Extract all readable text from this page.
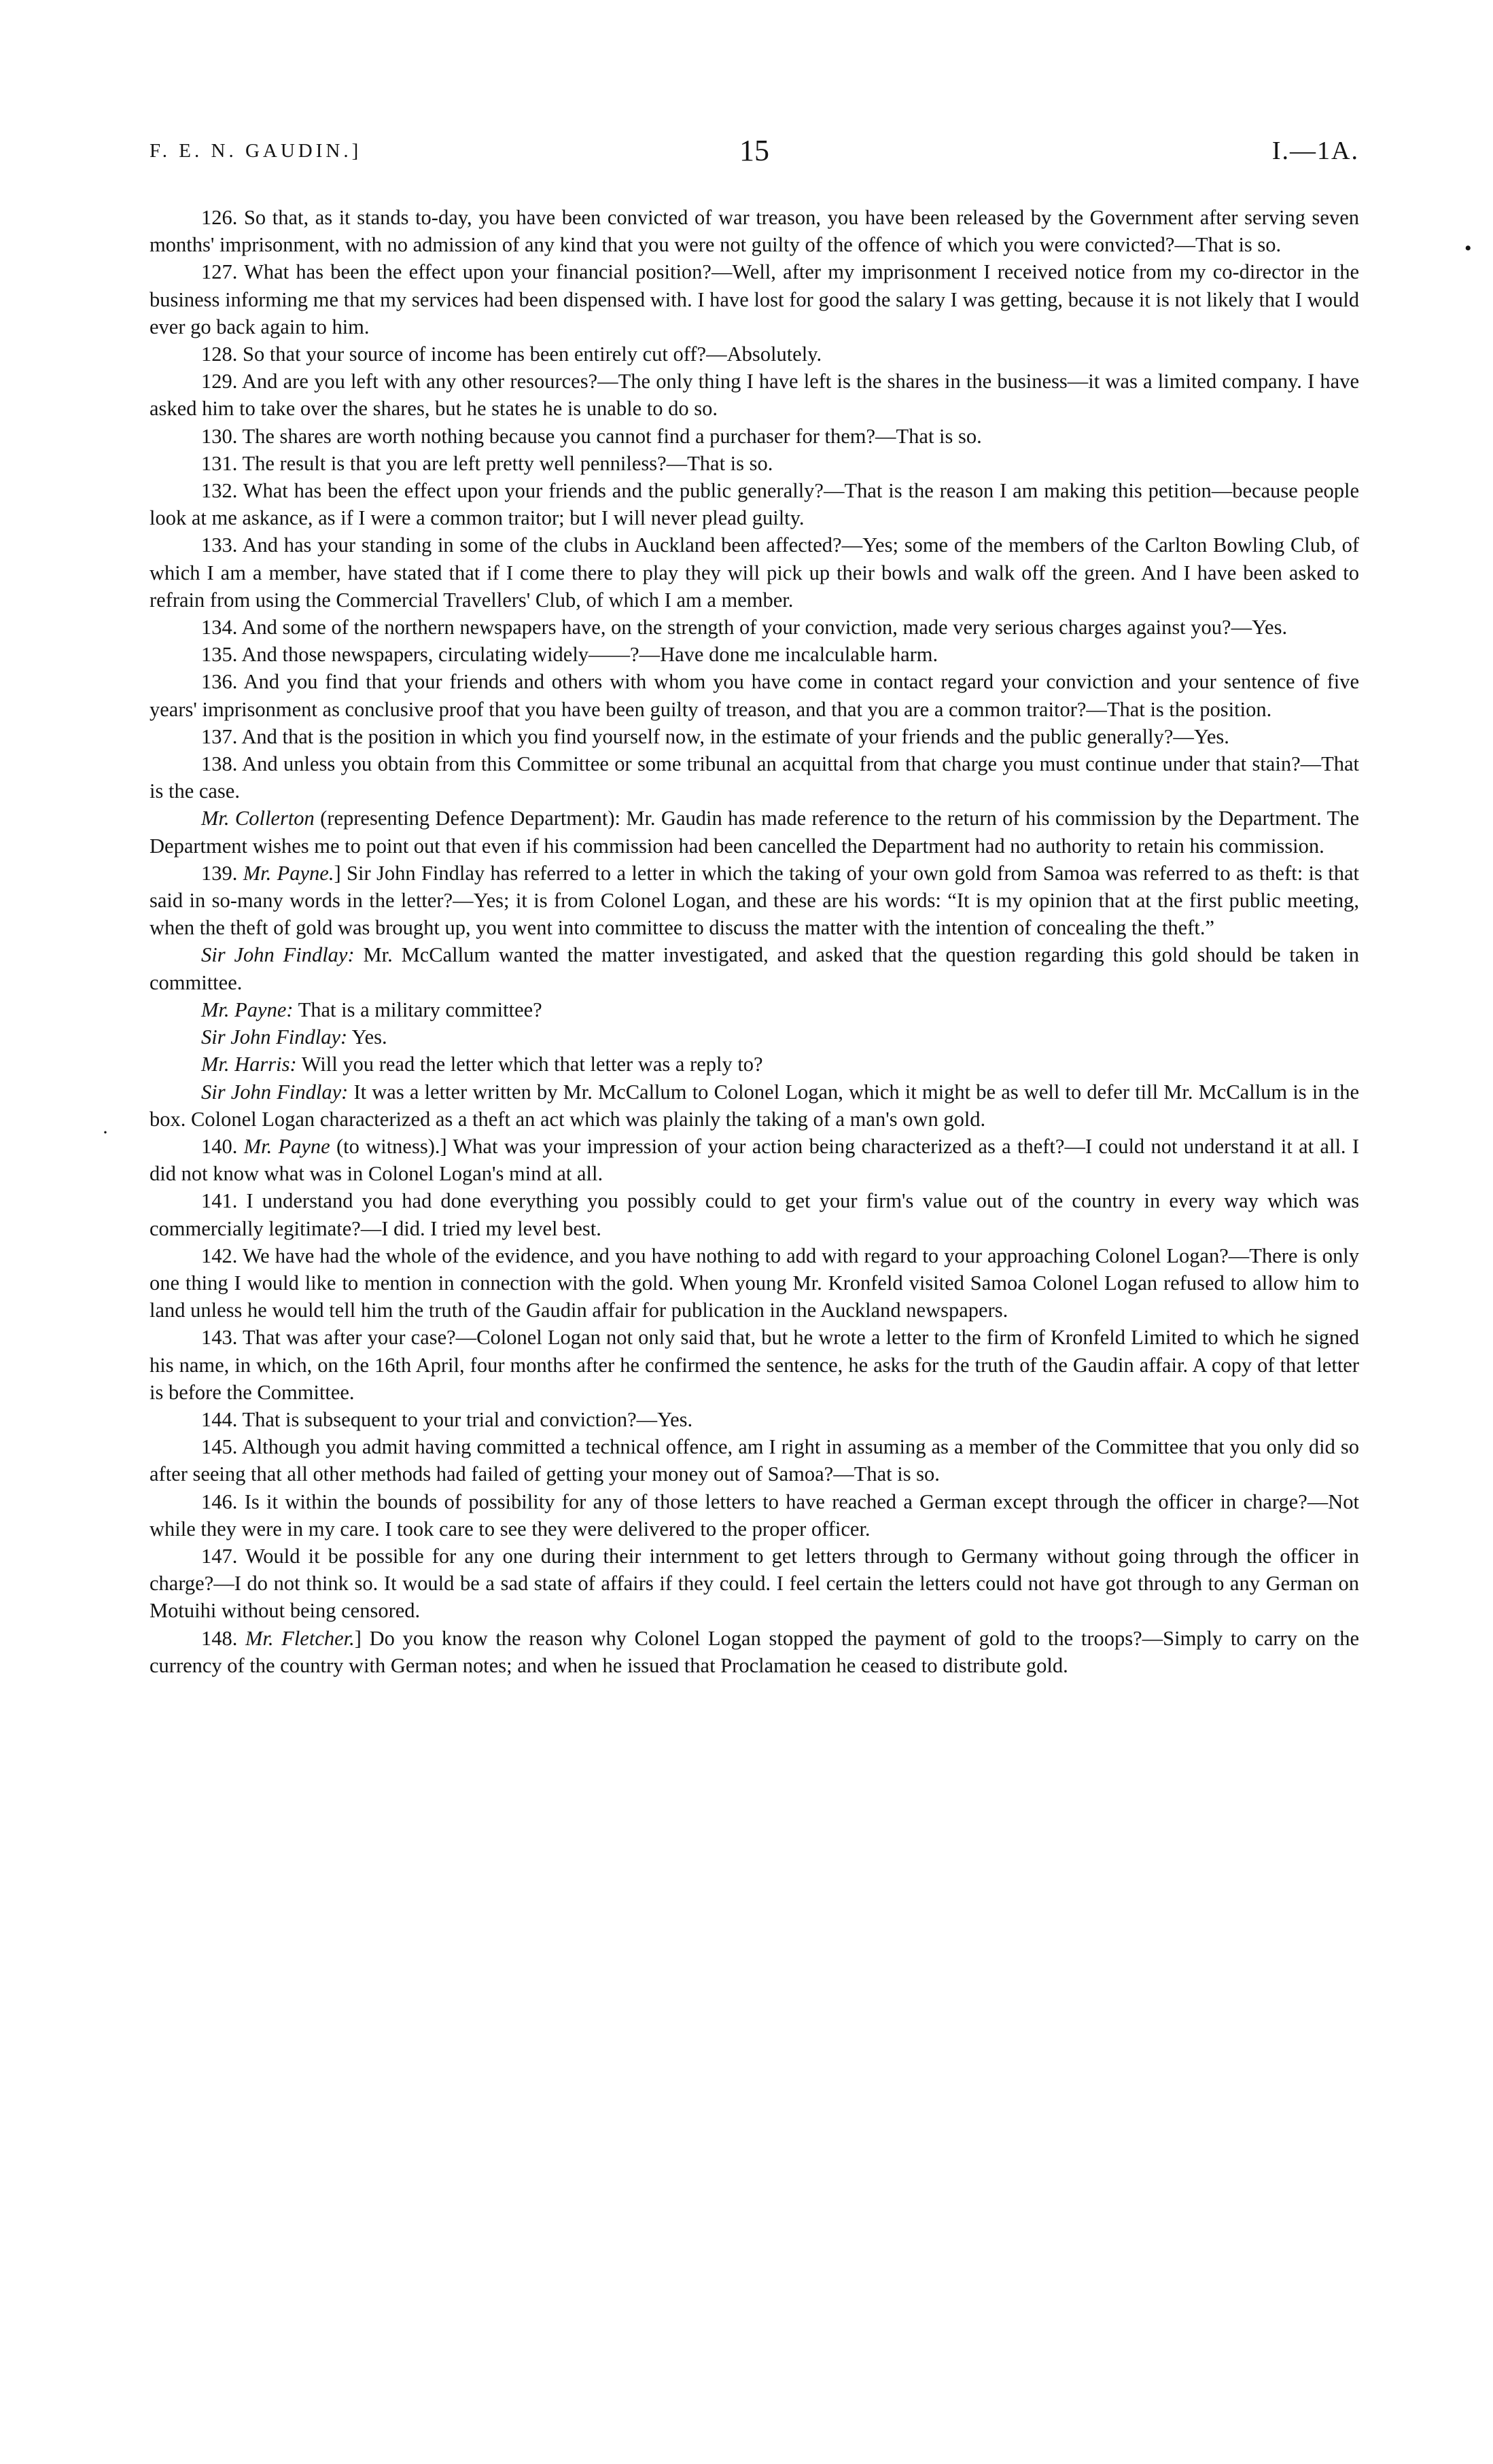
F. E. N. GAUDIN.]	15	I.—1A.
•
·

126. So that, as it stands to-day, you have been convicted of war treason, you have been released by the Government after serving seven months' imprisonment, with no admission of any kind that you were not guilty of the offence of which you were convicted?—That is so.

127. What has been the effect upon your financial position?—Well, after my imprisonment I received notice from my co-director in the business informing me that my services had been dispensed with. I have lost for good the salary I was getting, because it is not likely that I would ever go back again to him.

128. So that your source of income has been entirely cut off?—Absolutely.

129. And are you left with any other resources?—The only thing I have left is the shares in the business—it was a limited company. I have asked him to take over the shares, but he states he is unable to do so.

130. The shares are worth nothing because you cannot find a purchaser for them?—That is so.

131. The result is that you are left pretty well penniless?—That is so.

132. What has been the effect upon your friends and the public generally?—That is the reason I am making this petition—because people look at me askance, as if I were a common traitor; but I will never plead guilty.

133. And has your standing in some of the clubs in Auckland been affected?—Yes; some of the members of the Carlton Bowling Club, of which I am a member, have stated that if I come there to play they will pick up their bowls and walk off the green. And I have been asked to refrain from using the Commercial Travellers' Club, of which I am a member.

134. And some of the northern newspapers have, on the strength of your conviction, made very serious charges against you?—Yes.

135. And those newspapers, circulating widely——?—Have done me incalculable harm.

136. And you find that your friends and others with whom you have come in contact regard your conviction and your sentence of five years' imprisonment as conclusive proof that you have been guilty of treason, and that you are a common traitor?—That is the position.

137. And that is the position in which you find yourself now, in the estimate of your friends and the public generally?—Yes.

138. And unless you obtain from this Committee or some tribunal an acquittal from that charge you must continue under that stain?—That is the case.

Mr. Collerton (representing Defence Department): Mr. Gaudin has made reference to the return of his commission by the Department. The Department wishes me to point out that even if his commission had been cancelled the Department had no authority to retain his commission.

139. Mr. Payne.] Sir John Findlay has referred to a letter in which the taking of your own gold from Samoa was referred to as theft: is that said in so-many words in the letter?—Yes; it is from Colonel Logan, and these are his words: “It is my opinion that at the first public meeting, when the theft of gold was brought up, you went into committee to discuss the matter with the intention of concealing the theft.”

Sir John Findlay: Mr. McCallum wanted the matter investigated, and asked that the question regarding this gold should be taken in committee.

Mr. Payne: That is a military committee?

Sir John Findlay: Yes.

Mr. Harris: Will you read the letter which that letter was a reply to?

Sir John Findlay: It was a letter written by Mr. McCallum to Colonel Logan, which it might be as well to defer till Mr. McCallum is in the box. Colonel Logan characterized as a theft an act which was plainly the taking of a man's own gold.

140. Mr. Payne (to witness).] What was your impression of your action being characterized as a theft?—I could not understand it at all. I did not know what was in Colonel Logan's mind at all.

141. I understand you had done everything you possibly could to get your firm's value out of the country in every way which was commercially legitimate?—I did. I tried my level best.

142. We have had the whole of the evidence, and you have nothing to add with regard to your approaching Colonel Logan?—There is only one thing I would like to mention in connection with the gold. When young Mr. Kronfeld visited Samoa Colonel Logan refused to allow him to land unless he would tell him the truth of the Gaudin affair for publication in the Auckland newspapers.

143. That was after your case?—Colonel Logan not only said that, but he wrote a letter to the firm of Kronfeld Limited to which he signed his name, in which, on the 16th April, four months after he confirmed the sentence, he asks for the truth of the Gaudin affair. A copy of that letter is before the Committee.

144. That is subsequent to your trial and conviction?—Yes.

145. Although you admit having committed a technical offence, am I right in assuming as a member of the Committee that you only did so after seeing that all other methods had failed of getting your money out of Samoa?—That is so.

146. Is it within the bounds of possibility for any of those letters to have reached a German except through the officer in charge?—Not while they were in my care. I took care to see they were delivered to the proper officer.

147. Would it be possible for any one during their internment to get letters through to Germany without going through the officer in charge?—I do not think so. It would be a sad state of affairs if they could. I feel certain the letters could not have got through to any German on Motuihi without being censored.

148. Mr. Fletcher.] Do you know the reason why Colonel Logan stopped the payment of gold to the troops?—Simply to carry on the currency of the country with German notes; and when he issued that Proclamation he ceased to distribute gold.
